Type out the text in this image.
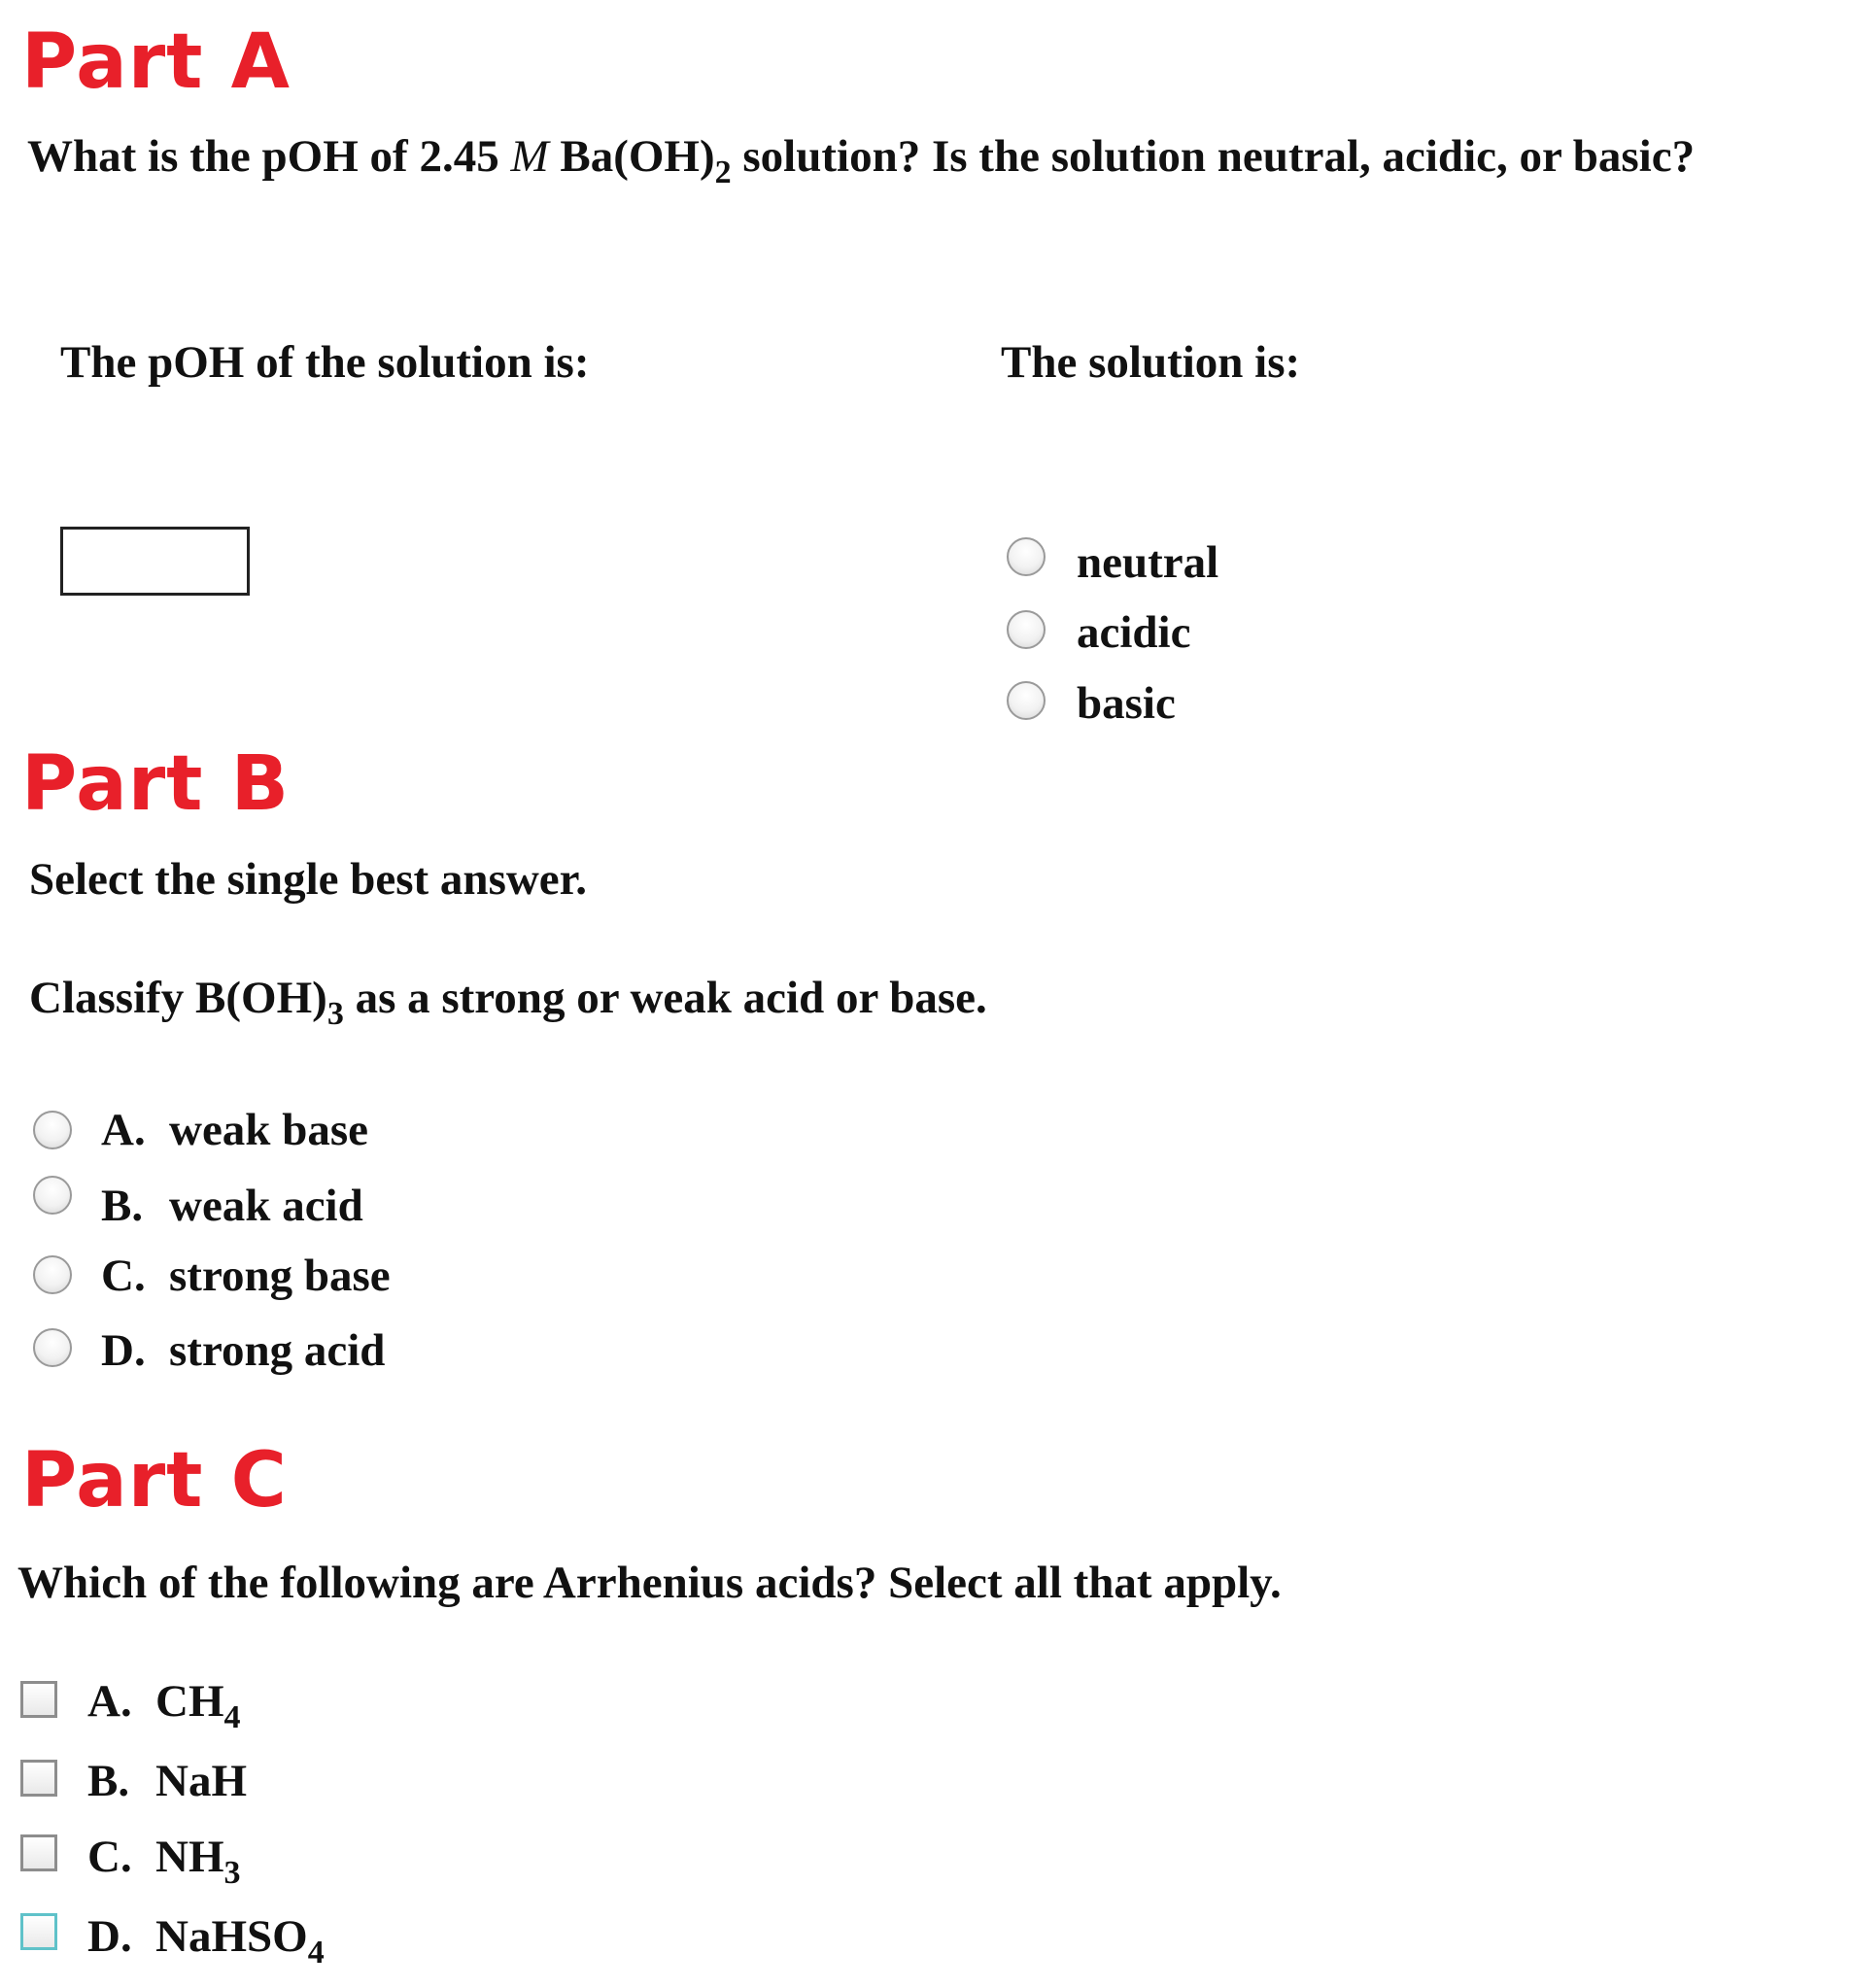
Part A
What is the pOH of 2.45 M $Ba(OH)_2$ solution? Is the solution neutral, acidic, or basic?
The pOH of the solution is:	The solution is:
neutral
acidic
basic
Part B
Select the single best answer.
Classify $B(OH)_3$ as a strong or weak acid or base.
A. weak base
B. weak acid
C. strong base
D. strong acid
Part C
Which of the following are Arrhenius acids? Select all that apply.
A. $CH_4$
B. NaH
C. $NH_3$
D. NaHSO$_4$
